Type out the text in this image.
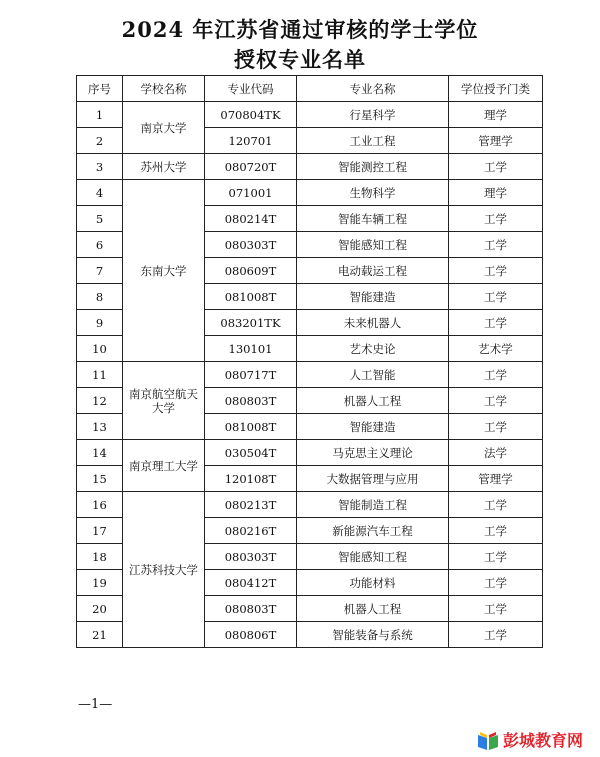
2024 年江苏省通过审核的学士学位
授权专业名单
序号	学校名称	专业代码	专业名称	学位授予门类
1	南京大学	070804TK	行星科学	理学
2		120701	工业工程	管理学
3	苏州大学	080720T	智能测控工程	工学
4	东南大学	071001	生物科学	理学
5		080214T	智能车辆工程	工学
6		080303T	智能感知工程	工学
7		080609T	电动载运工程	工学
8		081008T	智能建造	工学
9		083201TK	未来机器人	工学
10		130101	艺术史论	艺术学
11	南京航空航天大学	080717T	人工智能	工学
12		080803T	机器人工程	工学
13		081008T	智能建造	工学
14	南京理工大学	030504T	马克思主义理论	法学
15		120108T	大数据管理与应用	管理学
16	江苏科技大学	080213T	智能制造工程	工学
17		080216T	新能源汽车工程	工学
18		080303T	智能感知工程	工学
19		080412T	功能材料	工学
20		080803T	机器人工程	工学
21		080806T	智能装备与系统	工学
—1—
彭城教育网
